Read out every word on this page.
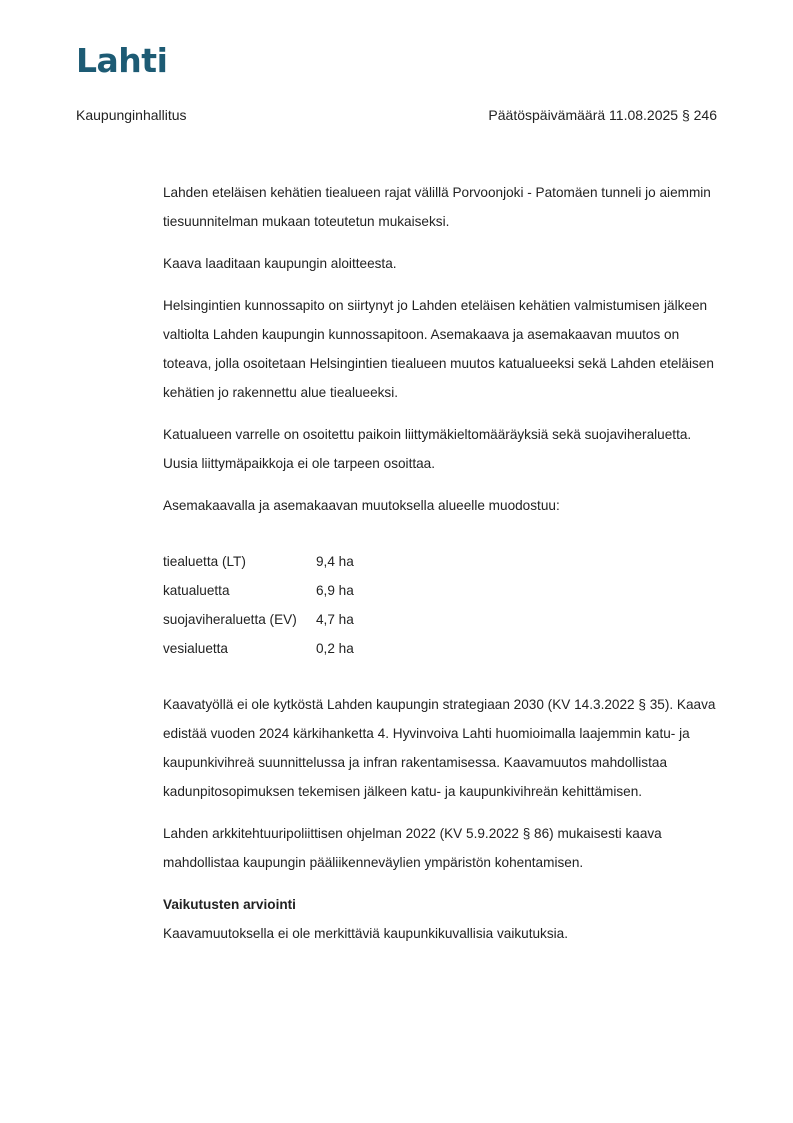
Lahti
Kaupunginhallitus	Päätöspäivämäärä 11.08.2025 § 246

Lahden eteläisen kehätien tiealueen rajat välillä Porvoonjoki - Patomäen tunneli jo aiemmin tiesuunnitelman mukaan toteutetun mukaiseksi.

Kaava laaditaan kaupungin aloitteesta.

Helsingintien kunnossapito on siirtynyt jo Lahden eteläisen kehätien valmistumisen jälkeen valtiolta Lahden kaupungin kunnossapitoon. Asemakaava ja asemakaavan muutos on toteava, jolla osoitetaan Helsingintien tiealueen muutos katualueeksi sekä Lahden eteläisen kehätien jo rakennettu alue tiealueeksi.

Katualueen varrelle on osoitettu paikoin liittymäkieltomääräyksiä sekä suojaviheraluetta. Uusia liittymäpaikkoja ei ole tarpeen osoittaa.

Asemakaavalla ja asemakaavan muutoksella alueelle muodostuu:

tiealuetta (LT)	9,4 ha
katualuetta	6,9 ha
suojaviheraluetta (EV)	4,7 ha
vesialuetta	0,2 ha

Kaavatyöllä ei ole kytköstä Lahden kaupungin strategiaan 2030 (KV 14.3.2022 § 35). Kaava edistää vuoden 2024 kärkihanketta 4. Hyvinvoiva Lahti huomioimalla laajemmin katu- ja kaupunkivihreä suunnittelussa ja infran rakentamisessa. Kaavamuutos mahdollistaa kadunpitosopimuksen tekemisen jälkeen katu- ja kaupunkivihreän kehittämisen.

Lahden arkkitehtuuripoliittisen ohjelman 2022 (KV 5.9.2022 § 86) mukaisesti kaava mahdollistaa kaupungin pääliikenneväylien ympäristön kohentamisen.

Vaikutusten arviointi

Kaavamuutoksella ei ole merkittäviä kaupunkikuvallisia vaikutuksia.
